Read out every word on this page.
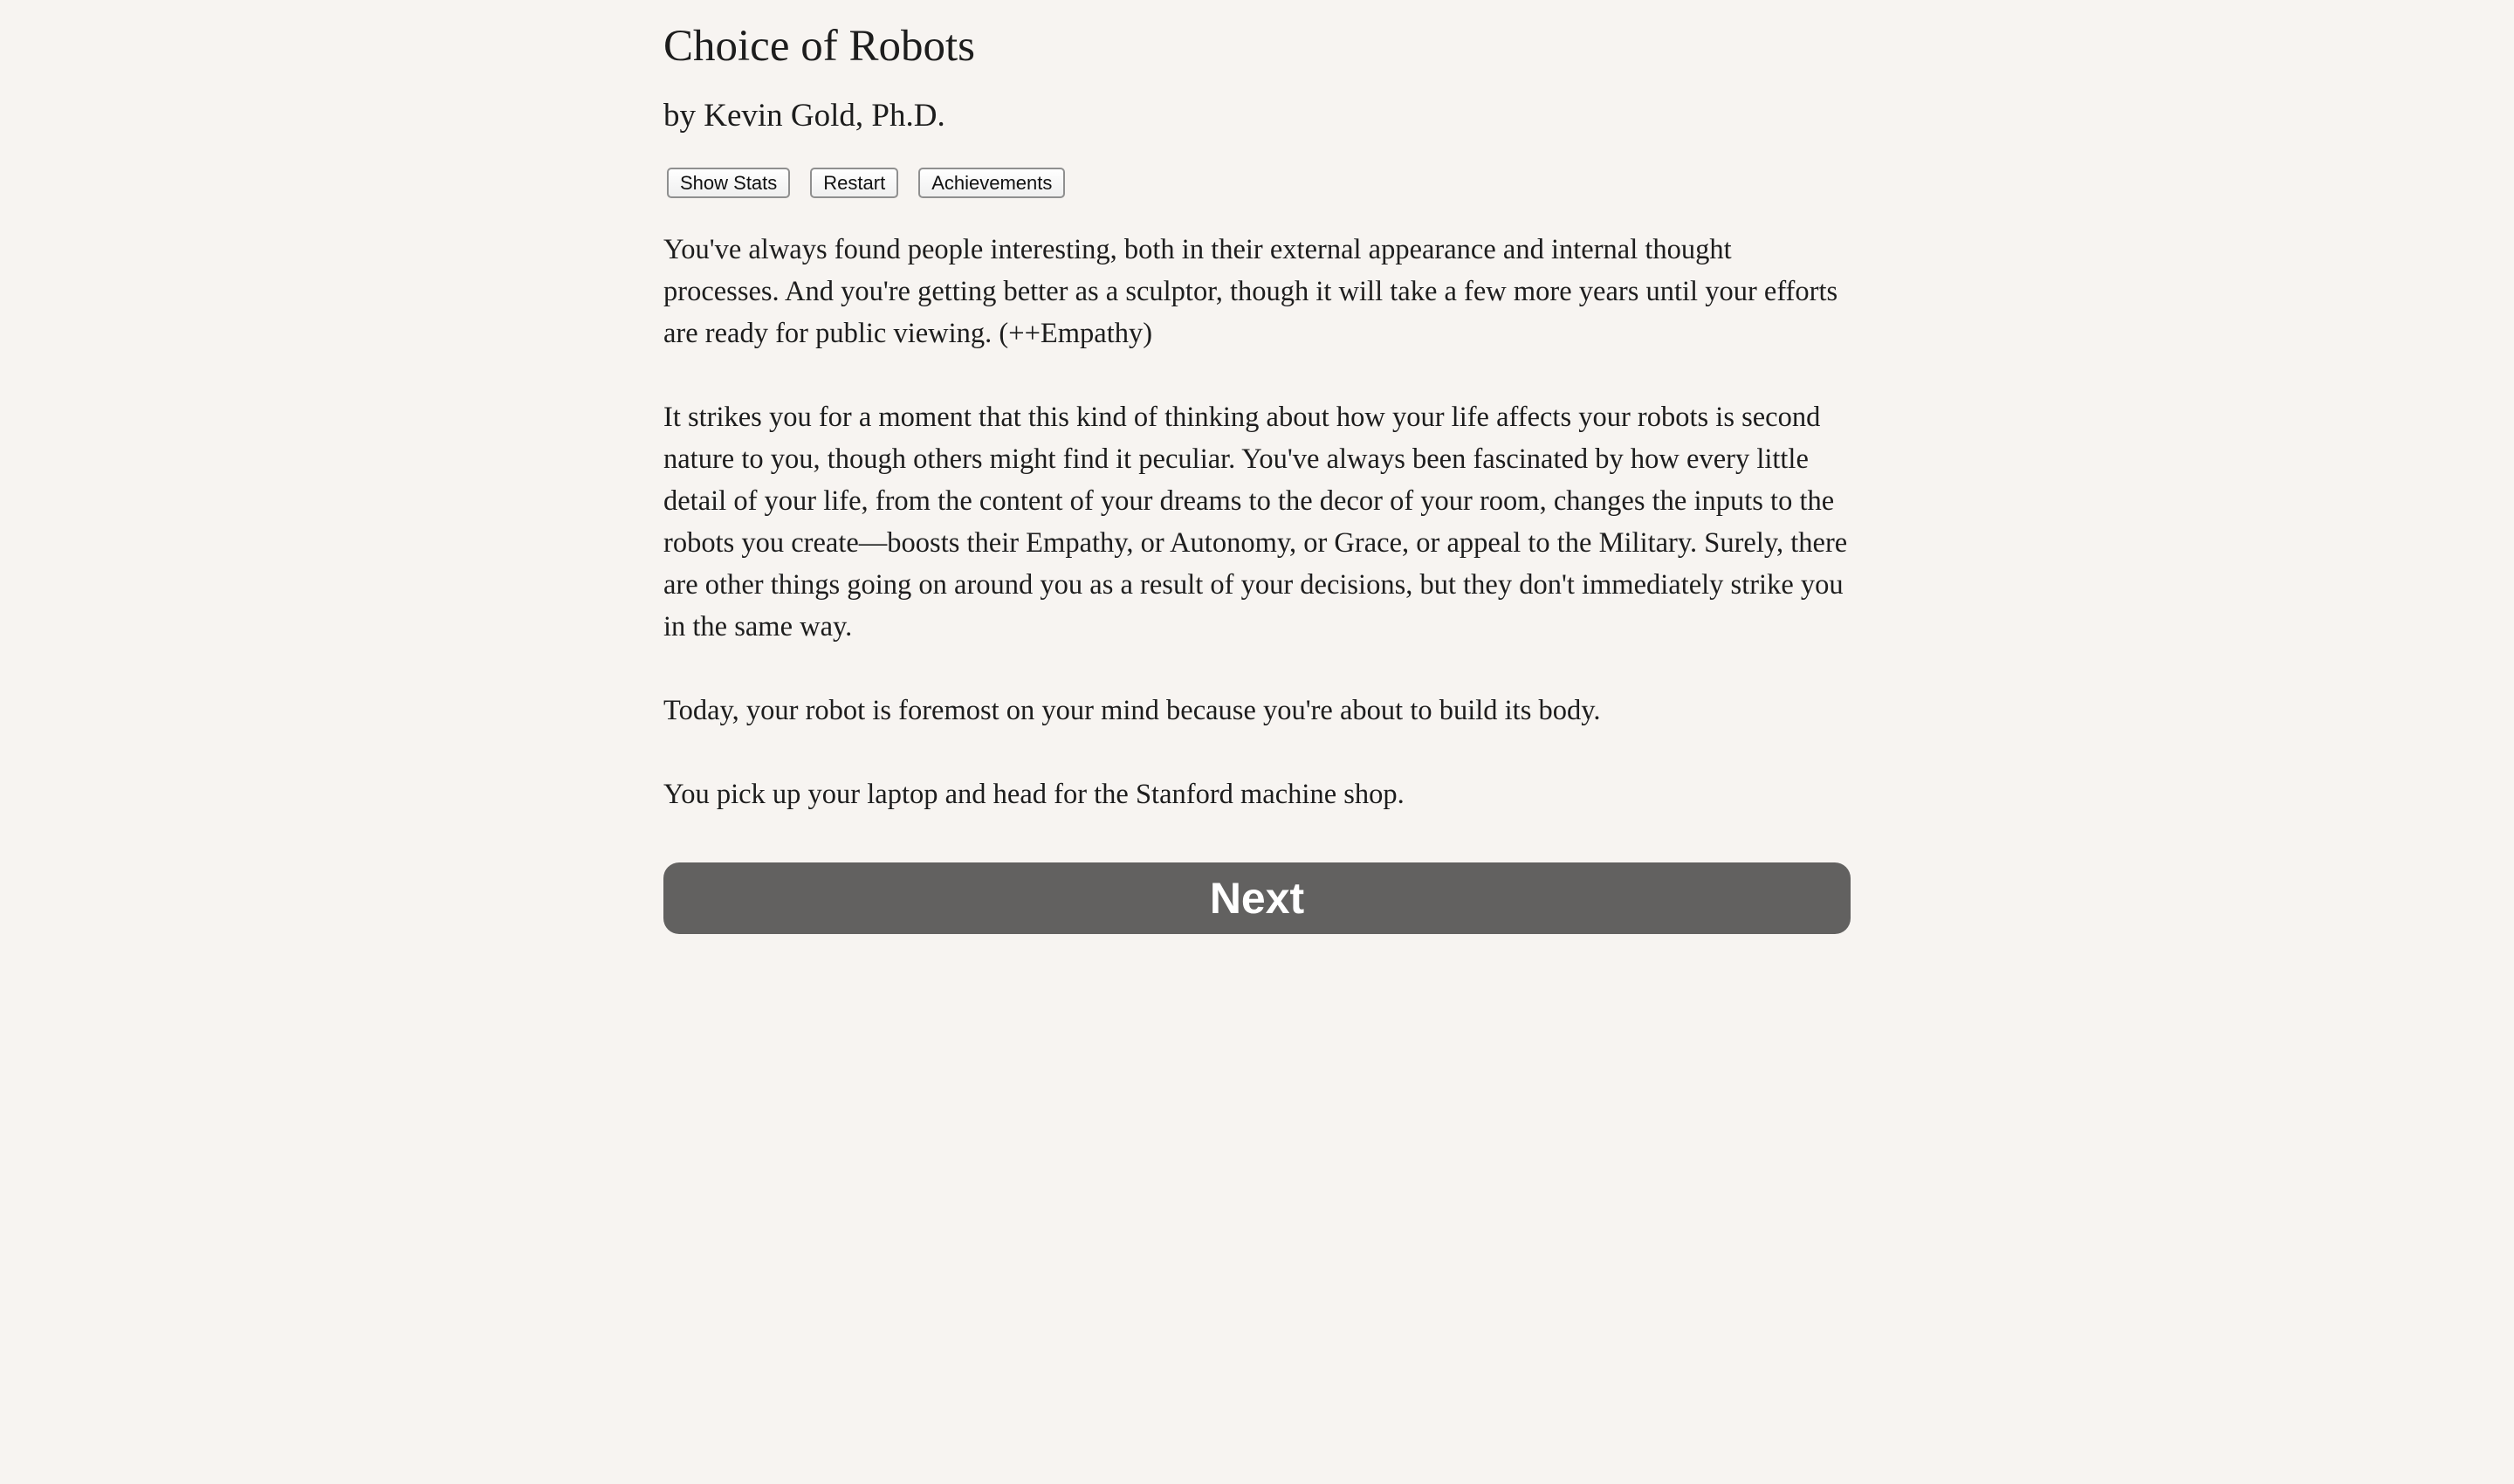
Choice of Robots
by Kevin Gold, Ph.D.
Show Stats	Restart	Achievements

You've always found people interesting, both in their external appearance and internal thought processes. And you're getting better as a sculptor, though it will take a few more years until your efforts are ready for public viewing. (++Empathy)

It strikes you for a moment that this kind of thinking about how your life affects your robots is second nature to you, though others might find it peculiar. You've always been fascinated by how every little detail of your life, from the content of your dreams to the decor of your room, changes the inputs to the robots you create—boosts their Empathy, or Autonomy, or Grace, or appeal to the Military. Surely, there are other things going on around you as a result of your decisions, but they don't immediately strike you in the same way.

Today, your robot is foremost on your mind because you're about to build its body.

You pick up your laptop and head for the Stanford machine shop.

Next
